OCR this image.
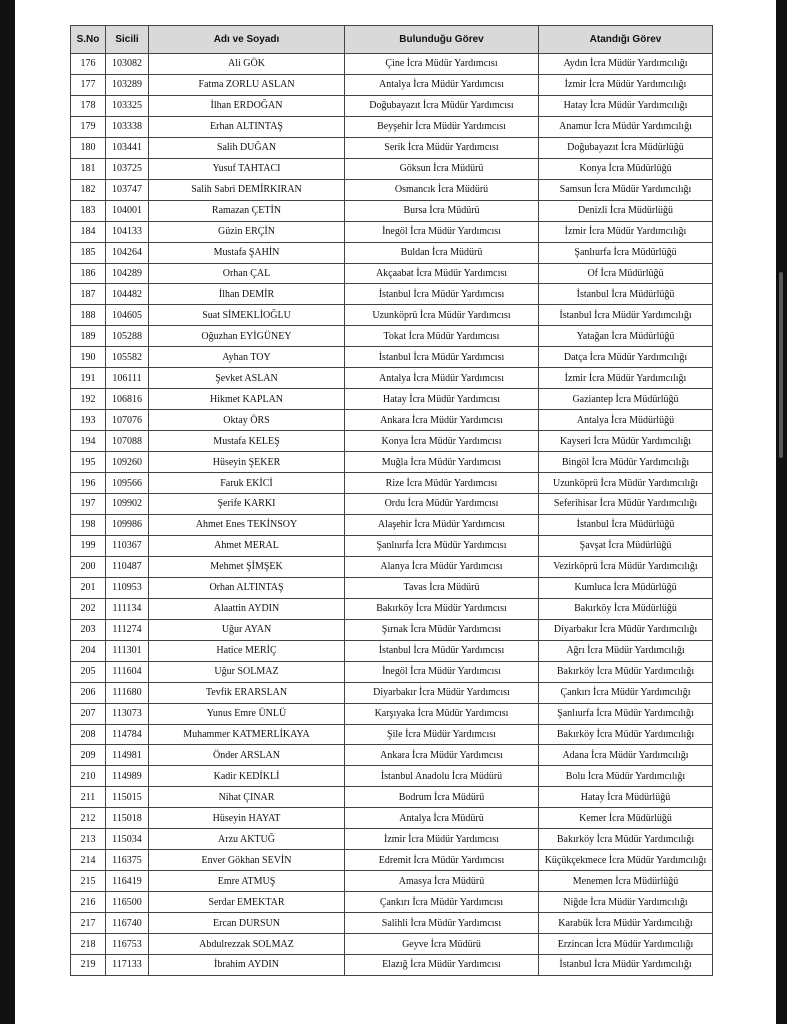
S.No	Sicili	Adı ve Soyadı	Bulunduğu Görev	Atandığı Görev
176	103082	Ali GÖK	Çine İcra Müdür Yardımcısı	Aydın İcra Müdür Yardımcılığı
177	103289	Fatma ZORLU ASLAN	Antalya İcra Müdür Yardımcısı	İzmir İcra Müdür Yardımcılığı
178	103325	İlhan ERDOĞAN	Doğubayazıt İcra Müdür Yardımcısı	Hatay İcra Müdür Yardımcılığı
179	103338	Erhan ALTINTAŞ	Beyşehir İcra Müdür Yardımcısı	Anamur İcra Müdür Yardımcılığı
180	103441	Salih DUĞAN	Serik İcra Müdür Yardımcısı	Doğubayazıt İcra Müdürlüğü
181	103725	Yusuf TAHTACI	Göksun İcra Müdürü	Konya İcra Müdürlüğü
182	103747	Salih Sabri DEMİRKIRAN	Osmancık İcra Müdürü	Samsun İcra Müdür Yardımcılığı
183	104001	Ramazan ÇETİN	Bursa İcra Müdürü	Denizli İcra Müdürlüğü
184	104133	Güzin ERÇİN	İnegöl İcra Müdür Yardımcısı	İzmir İcra Müdür Yardımcılığı
185	104264	Mustafa ŞAHİN	Buldan İcra Müdürü	Şanlıurfa İcra Müdürlüğü
186	104289	Orhan ÇAL	Akçaabat İcra Müdür Yardımcısı	Of İcra Müdürlüğü
187	104482	İlhan DEMİR	İstanbul İcra Müdür Yardımcısı	İstanbul İcra Müdürlüğü
188	104605	Suat SİMEKLİOĞLU	Uzunköprü İcra Müdür Yardımcısı	İstanbul İcra Müdür Yardımcılığı
189	105288	Oğuzhan EYİGÜNEY	Tokat İcra Müdür Yardımcısı	Yatağan İcra Müdürlüğü
190	105582	Ayhan TOY	İstanbul İcra Müdür Yardımcısı	Datça İcra Müdür Yardımcılığı
191	106111	Şevket ASLAN	Antalya İcra Müdür Yardımcısı	İzmir İcra Müdür Yardımcılığı
192	106816	Hikmet KAPLAN	Hatay İcra Müdür Yardımcısı	Gaziantep İcra Müdürlüğü
193	107076	Oktay ÖRS	Ankara İcra Müdür Yardımcısı	Antalya İcra Müdürlüğü
194	107088	Mustafa KELEŞ	Konya İcra Müdür Yardımcısı	Kayseri İcra Müdür Yardımcılığı
195	109260	Hüseyin ŞEKER	Muğla İcra Müdür Yardımcısı	Bingöl İcra Müdür Yardımcılığı
196	109566	Faruk EKİCİ	Rize İcra Müdür Yardımcısı	Uzunköprü İcra Müdür Yardımcılığı
197	109902	Şerife KARKI	Ordu İcra Müdür Yardımcısı	Seferihisar İcra Müdür Yardımcılığı
198	109986	Ahmet Enes TEKİNSOY	Alaşehir İcra Müdür Yardımcısı	İstanbul İcra Müdürlüğü
199	110367	Ahmet MERAL	Şanlıurfa İcra Müdür Yardımcısı	Şavşat İcra Müdürlüğü
200	110487	Mehmet ŞİMŞEK	Alanya İcra Müdür Yardımcısı	Vezirköprü İcra Müdür Yardımcılığı
201	110953	Orhan ALTINTAŞ	Tavas İcra Müdürü	Kumluca İcra Müdürlüğü
202	111134	Alaattin AYDIN	Bakırköy İcra Müdür Yardımcısı	Bakırköy İcra Müdürlüğü
203	111274	Uğur AYAN	Şırnak İcra Müdür Yardımcısı	Diyarbakır İcra Müdür Yardımcılığı
204	111301	Hatice MERİÇ	İstanbul İcra Müdür Yardımcısı	Ağrı İcra Müdür Yardımcılığı
205	111604	Uğur SOLMAZ	İnegöl İcra Müdür Yardımcısı	Bakırköy İcra Müdür Yardımcılığı
206	111680	Tevfik ERARSLAN	Diyarbakır İcra Müdür Yardımcısı	Çankırı İcra Müdür Yardımcılığı
207	113073	Yunus Emre ÜNLÜ	Karşıyaka İcra Müdür Yardımcısı	Şanlıurfa İcra Müdür Yardımcılığı
208	114784	Muhammer KATMERLİKAYA	Şile İcra Müdür Yardımcısı	Bakırköy İcra Müdür Yardımcılığı
209	114981	Önder ARSLAN	Ankara İcra Müdür Yardımcısı	Adana İcra Müdür Yardımcılığı
210	114989	Kadir KEDİKLİ	İstanbul Anadolu İcra Müdürü	Bolu İcra Müdür Yardımcılığı
211	115015	Nihat ÇINAR	Bodrum İcra Müdürü	Hatay İcra Müdürlüğü
212	115018	Hüseyin HAYAT	Antalya İcra Müdürü	Kemer İcra Müdürlüğü
213	115034	Arzu AKTUĞ	İzmir İcra Müdür Yardımcısı	Bakırköy İcra Müdür Yardımcılığı
214	116375	Enver Gökhan SEVİN	Edremit İcra Müdür Yardımcısı	Küçükçekmece İcra Müdür Yardımcılığı
215	116419	Emre ATMUŞ	Amasya İcra Müdürü	Menemen İcra Müdürlüğü
216	116500	Serdar EMEKTAR	Çankırı İcra Müdür Yardımcısı	Niğde İcra Müdür Yardımcılığı
217	116740	Ercan DURSUN	Salihli İcra Müdür Yardımcısı	Karabük İcra Müdür Yardımcılığı
218	116753	Abdulrezzak SOLMAZ	Geyve İcra Müdürü	Erzincan İcra Müdür Yardımcılığı
219	117133	İbrahim AYDIN	Elazığ İcra Müdür Yardımcısı	İstanbul İcra Müdür Yardımcılığı
